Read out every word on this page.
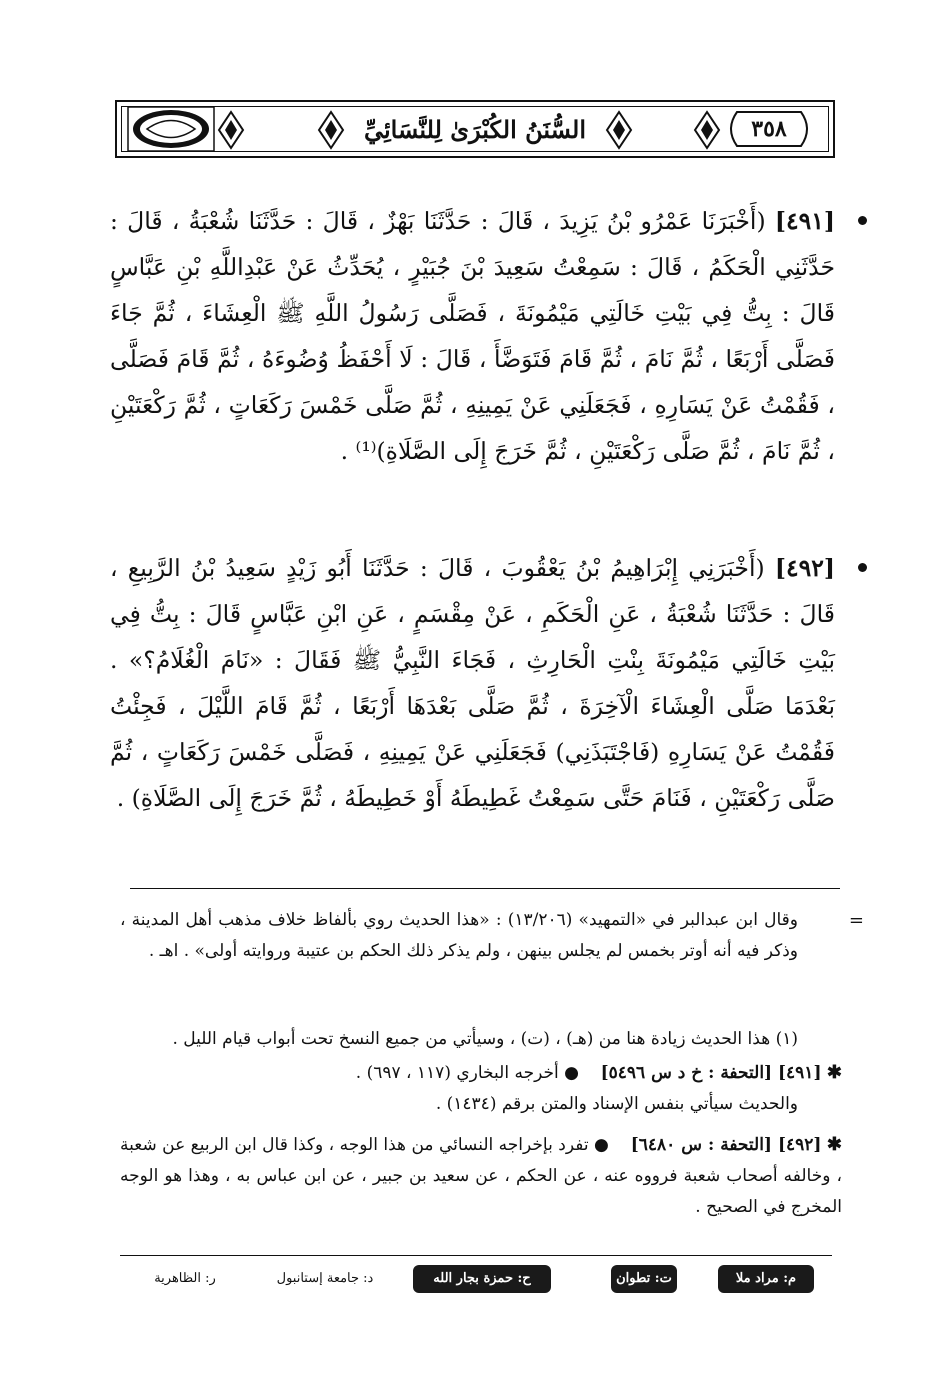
السُّنَنُ الكُبْرَىٰ لِلنَّسَائِيِّ	٣٥٨
[٤٩١] (أَخْبَرَنَا عَمْرُو بْنُ يَزِيدَ ، قَالَ : حَدَّثَنَا بَهْزٌ ، قَالَ : حَدَّثَنَا شُعْبَةُ ، قَالَ : حَدَّثَنِي الْحَكَمُ ، قَالَ : سَمِعْتُ سَعِيدَ بْنَ جُبَيْرٍ ، يُحَدِّثُ عَنْ عَبْدِاللَّهِ بْنِ عَبَّاسٍ قَالَ : بِتُّ فِي بَيْتِ خَالَتِي مَيْمُونَةَ ، فَصَلَّى رَسُولُ اللَّهِ ﷺ الْعِشَاءَ ، ثُمَّ جَاءَ فَصَلَّى أَرْبَعًا ، ثُمَّ نَامَ ، ثُمَّ قَامَ فَتَوَضَّأَ ، قَالَ : لَا أَحْفَظُ وُضُوءَهُ ، ثُمَّ قَامَ فَصَلَّى ، فَقُمْتُ عَنْ يَسَارِهِ ، فَجَعَلَنِي عَنْ يَمِينِهِ ، ثُمَّ صَلَّى خَمْسَ رَكَعَاتٍ ، ثُمَّ رَكْعَتَيْنِ ، ثُمَّ نَامَ ، ثُمَّ صَلَّى رَكْعَتَيْنِ ، ثُمَّ خَرَجَ إِلَى الصَّلَاةِ)⁽¹⁾ .
[٤٩٢] (أَخْبَرَنِي إِبْرَاهِيمُ بْنُ يَعْقُوبَ ، قَالَ : حَدَّثَنَا أَبُو زَيْدٍ سَعِيدُ بْنُ الرَّبِيعِ ، قَالَ : حَدَّثَنَا شُعْبَةُ ، عَنِ الْحَكَمِ ، عَنْ مِقْسَمٍ ، عَنِ ابْنِ عَبَّاسٍ قَالَ : بِتُّ فِي بَيْتِ خَالَتِي مَيْمُونَةَ بِنْتِ الْحَارِثِ ، فَجَاءَ النَّبِيُّ ﷺ فَقَالَ : «نَامَ الْغُلَامُ؟» . بَعْدَمَا صَلَّى الْعِشَاءَ الْآخِرَةَ ، ثُمَّ صَلَّى بَعْدَهَا أَرْبَعًا ، ثُمَّ قَامَ اللَّيْلَ ، فَجِئْتُ فَقُمْتُ عَنْ يَسَارِهِ (فَاجْتَبَذَنِي) فَجَعَلَنِي عَنْ يَمِينِهِ ، فَصَلَّى خَمْسَ رَكَعَاتٍ ، ثُمَّ صَلَّى رَكْعَتَيْنِ ، فَنَامَ حَتَّى سَمِعْتُ غَطِيطَهُ أَوْ خَطِيطَهُ ، ثُمَّ خَرَجَ إِلَى الصَّلَاةِ) .
=
وقال ابن عبدالبر في «التمهيد» (١٣/٢٠٦) : «هذا الحديث روي بألفاظ خلاف مذهب أهل المدينة ، وذكر فيه أنه أوتر بخمس لم يجلس بينهن ، ولم يذكر ذلك الحكم بن عتيبة وروايته أولى» . اهـ .
(١) هذا الحديث زيادة هنا من (هـ) ، (ت) ، وسيأتي من جميع النسخ تحت أبواب قيام الليل .
✱ [٤٩١] [التحفة : خ د س ٥٤٩٦]    ● أخرجه البخاري (١١٧ ، ٦٩٧) .
والحديث سيأتي بنفس الإسناد والمتن برقم (١٤٣٤) .
✱ [٤٩٢] [التحفة : س ٦٤٨٠]    ● تفرد بإخراجه النسائي من هذا الوجه ، وكذا قال ابن الربيع عن شعبة ، وخالفه أصحاب شعبة فرووه عنه ، عن الحكم ، عن سعيد بن جبير ، عن ابن عباس به ، وهذا هو الوجه المخرج في الصحيح .
م: مراد ملا
ت: تطوان
ح: حمزة بجار الله
د: جامعة إستانبول
ر: الظاهرية
